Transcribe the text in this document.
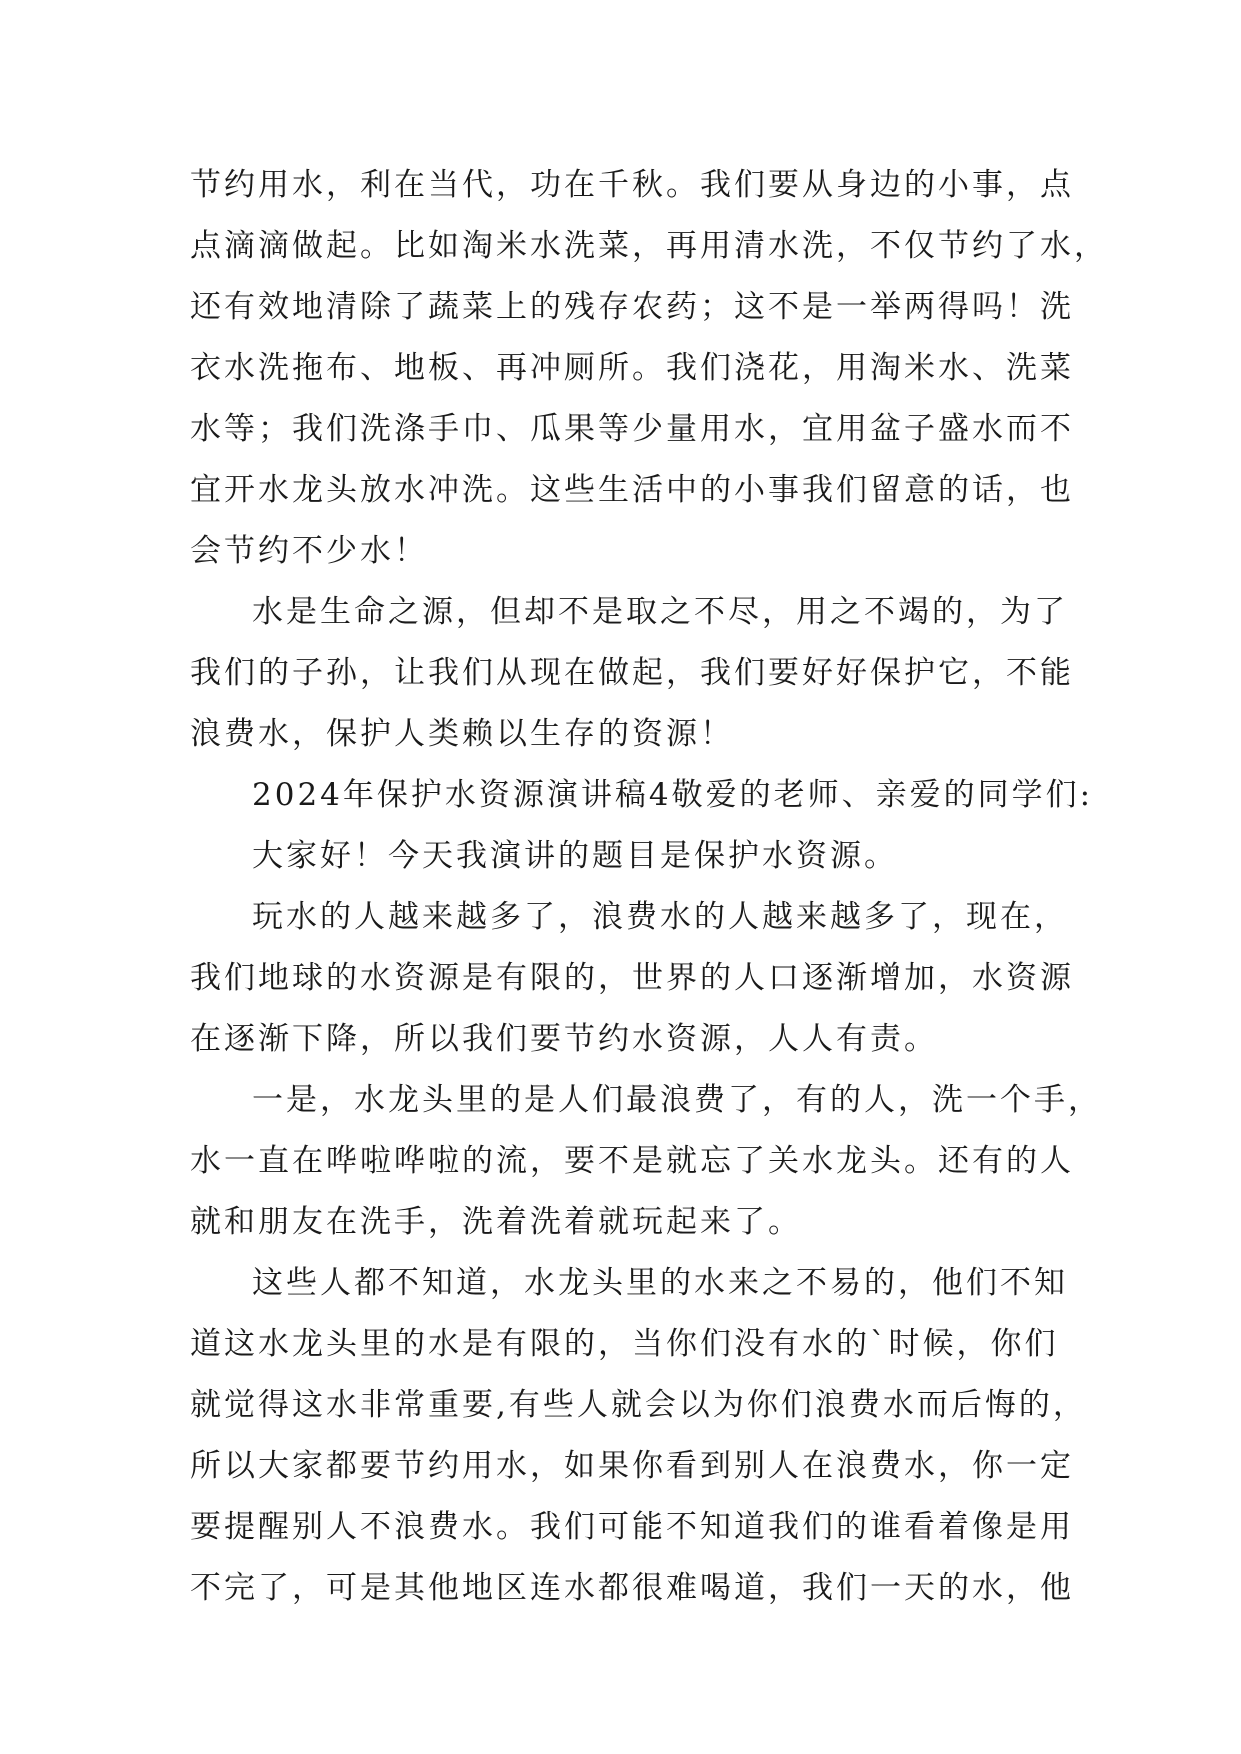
节约用水，利在当代，功在千秋。我们要从身边的小事，点
点滴滴做起。比如淘米水洗菜，再用清水洗，不仅节约了水，
还有效地清除了蔬菜上的残存农药；这不是一举两得吗！洗
衣水洗拖布、地板、再冲厕所。我们浇花，用淘米水、洗菜
水等；我们洗涤手巾、瓜果等少量用水，宜用盆子盛水而不
宜开水龙头放水冲洗。这些生活中的小事我们留意的话，也
会节约不少水！
水是生命之源，但却不是取之不尽，用之不竭的，为了
我们的子孙，让我们从现在做起，我们要好好保护它，不能
浪费水，保护人类赖以生存的资源！
2024年保护水资源演讲稿4敬爱的老师、亲爱的同学们:
大家好！今天我演讲的题目是保护水资源。
玩水的人越来越多了，浪费水的人越来越多了，现在，
我们地球的水资源是有限的，世界的人口逐渐增加，水资源
在逐渐下降，所以我们要节约水资源，人人有责。
一是，水龙头里的是人们最浪费了，有的人，洗一个手，
水一直在哗啦哗啦的流，要不是就忘了关水龙头。还有的人
就和朋友在洗手，洗着洗着就玩起来了。
这些人都不知道，水龙头里的水来之不易的，他们不知
道这水龙头里的水是有限的，当你们没有水的`时候，你们
就觉得这水非常重要,有些人就会以为你们浪费水而后悔的，
所以大家都要节约用水，如果你看到别人在浪费水，你一定
要提醒别人不浪费水。我们可能不知道我们的谁看着像是用
不完了，可是其他地区连水都很难喝道，我们一天的水，他
